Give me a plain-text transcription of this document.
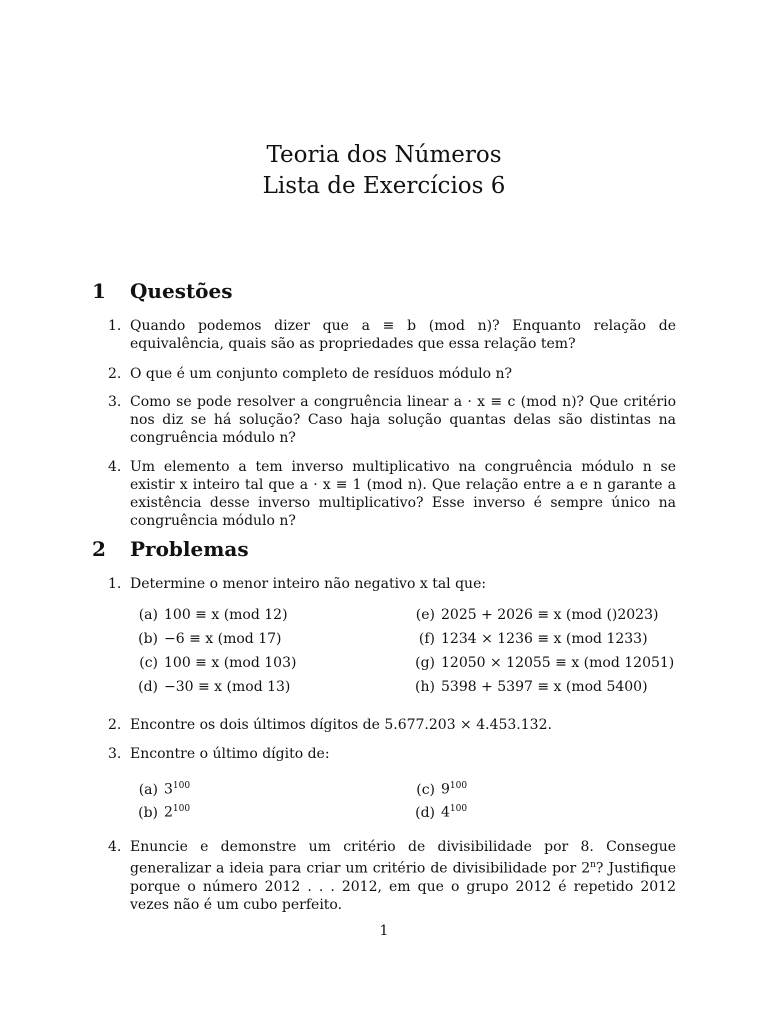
Teoria dos Números
Lista de Exercícios 6
1 Questões
1. Quando podemos dizer que a ≡ b (mod n)? Enquanto relação de equivalência, quais são as propriedades que essa relação tem?
2. O que é um conjunto completo de resíduos módulo n?
3. Como se pode resolver a congruência linear a · x ≡ c (mod n)? Que critério nos diz se há solução? Caso haja solução quantas delas são distintas na congruência módulo n?
4. Um elemento a tem inverso multiplicativo na congruência módulo n se existir x inteiro tal que a · x ≡ 1 (mod n). Que relação entre a e n garante a existência desse inverso multiplicativo? Esse inverso é sempre único na congruência módulo n?
2 Problemas
1. Determine o menor inteiro não negativo x tal que:
(a) 100 ≡ x (mod 12)
(b) −6 ≡ x (mod 17)
(c) 100 ≡ x (mod 103)
(d) −30 ≡ x (mod 13)
(e) 2025 + 2026 ≡ x (mod ()2023)
(f) 1234 × 1236 ≡ x (mod 1233)
(g) 12050 × 12055 ≡ x (mod 12051)
(h) 5398 + 5397 ≡ x (mod 5400)
2. Encontre os dois últimos dígitos de 5.677.203 × 4.453.132.
3. Encontre o último dígito de:
(a) $3^{100}$
(b) $2^{100}$
(c) $9^{100}$
(d) $4^{100}$
4. Enuncie e demonstre um critério de divisibilidade por 8. Consegue generalizar a ideia para criar um critério de divisibilidade por 2$^n$? Justifique porque o número 2012 . . . 2012, em que o grupo 2012 é repetido 2012 vezes não é um cubo perfeito.
1
